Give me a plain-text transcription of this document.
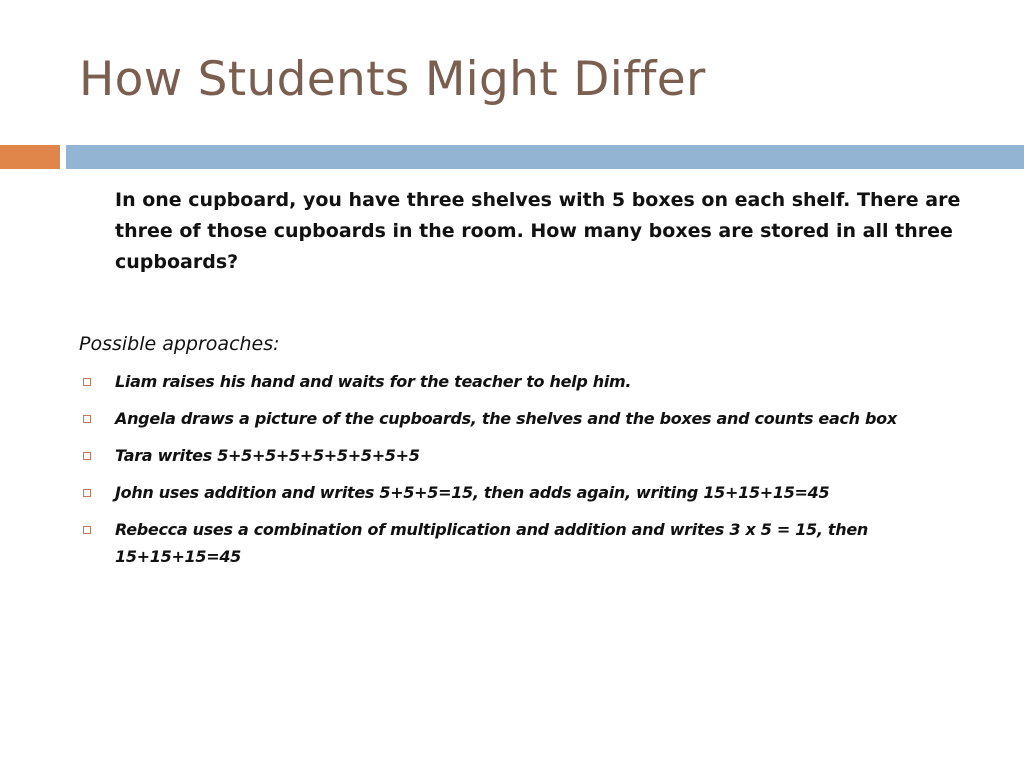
How Students Might Differ

In one cupboard, you have three shelves with 5 boxes on each shelf. There are three of those cupboards in the room. How many boxes are stored in all three cupboards?

Possible approaches:

Liam raises his hand and waits for the teacher to help him.
Angela draws a picture of the cupboards, the shelves and the boxes and counts each box
Tara writes 5+5+5+5+5+5+5+5+5
John uses addition and writes 5+5+5=15, then adds again, writing 15+15+15=45
Rebecca uses a combination of multiplication and addition and writes 3 x 5 = 15, then 15+15+15=45
